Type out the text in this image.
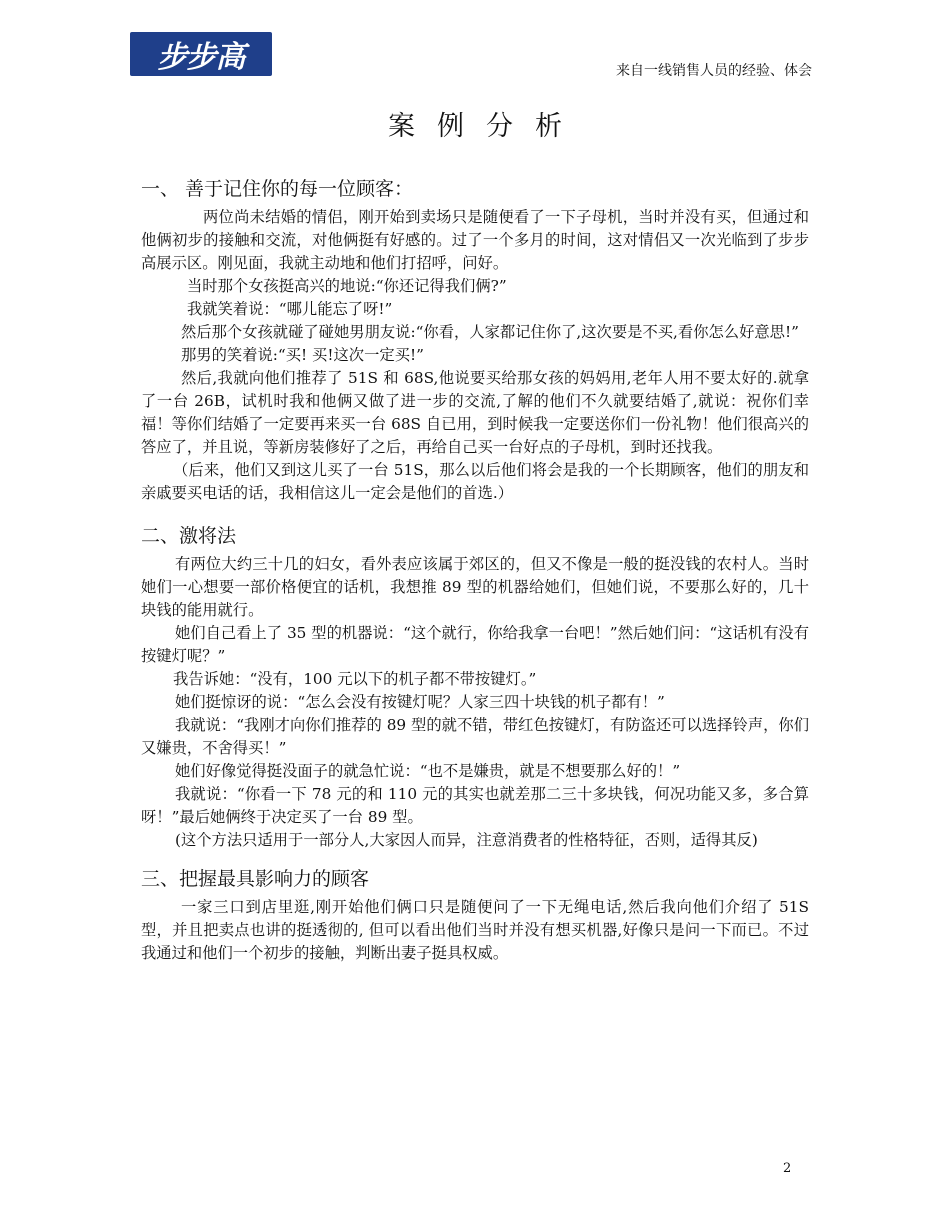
步步高	来自一线销售人员的经验、体会
案例分析
一、 善于记住你的每一位顾客：

两位尚未结婚的情侣，刚开始到卖场只是随便看了一下子母机，当时并没有买，但通过和他俩初步的接触和交流，对他俩挺有好感的。过了一个多月的时间，这对情侣又一次光临到了步步高展示区。刚见面，我就主动地和他们打招呼，问好。

当时那个女孩挺高兴的地说:“你还记得我们俩?”

我就笑着说：“哪儿能忘了呀!”

然后那个女孩就碰了碰她男朋友说:“你看，人家都记住你了,这次要是不买,看你怎么好意思!”

那男的笑着说:“买! 买!这次一定买!”

然后,我就向他们推荐了 51S 和 68S,他说要买给那女孩的妈妈用,老年人用不要太好的.就拿了一台 26B，试机时我和他俩又做了进一步的交流,了解的他们不久就要结婚了,就说：祝你们幸福！等你们结婚了一定要再来买一台 68S 自已用，到时候我一定要送你们一份礼物！他们很高兴的答应了，并且说，等新房装修好了之后，再给自己买一台好点的子母机，到时还找我。

（后来，他们又到这儿买了一台 51S，那么以后他们将会是我的一个长期顾客，他们的朋友和亲戚要买电话的话，我相信这儿一定会是他们的首选.）

二、激将法

有两位大约三十几的妇女，看外表应该属于郊区的，但又不像是一般的挺没钱的农村人。当时她们一心想要一部价格便宜的话机，我想推 89 型的机器给她们，但她们说，不要那么好的，几十块钱的能用就行。

她们自己看上了 35 型的机器说：“这个就行，你给我拿一台吧！”然后她们问：“这话机有没有按键灯呢？”

我告诉她：“没有，100 元以下的机子都不带按键灯。”

她们挺惊讶的说：“怎么会没有按键灯呢？人家三四十块钱的机子都有！”

我就说：“我刚才向你们推荐的 89 型的就不错，带红色按键灯，有防盗还可以选择铃声，你们又嫌贵，不舍得买！”

她们好像觉得挺没面子的就急忙说：“也不是嫌贵，就是不想要那么好的！”

我就说：“你看一下 78 元的和 110 元的其实也就差那二三十多块钱，何况功能又多，多合算呀！”最后她俩终于决定买了一台 89 型。

(这个方法只适用于一部分人,大家因人而异，注意消费者的性格特征，否则，适得其反)

三、把握最具影响力的顾客

一家三口到店里逛,刚开始他们俩口只是随便问了一下无绳电话,然后我向他们介绍了 51S 型，并且把卖点也讲的挺透彻的, 但可以看出他们当时并没有想买机器,好像只是问一下而已。不过我通过和他们一个初步的接触，判断出妻子挺具权威。

2
